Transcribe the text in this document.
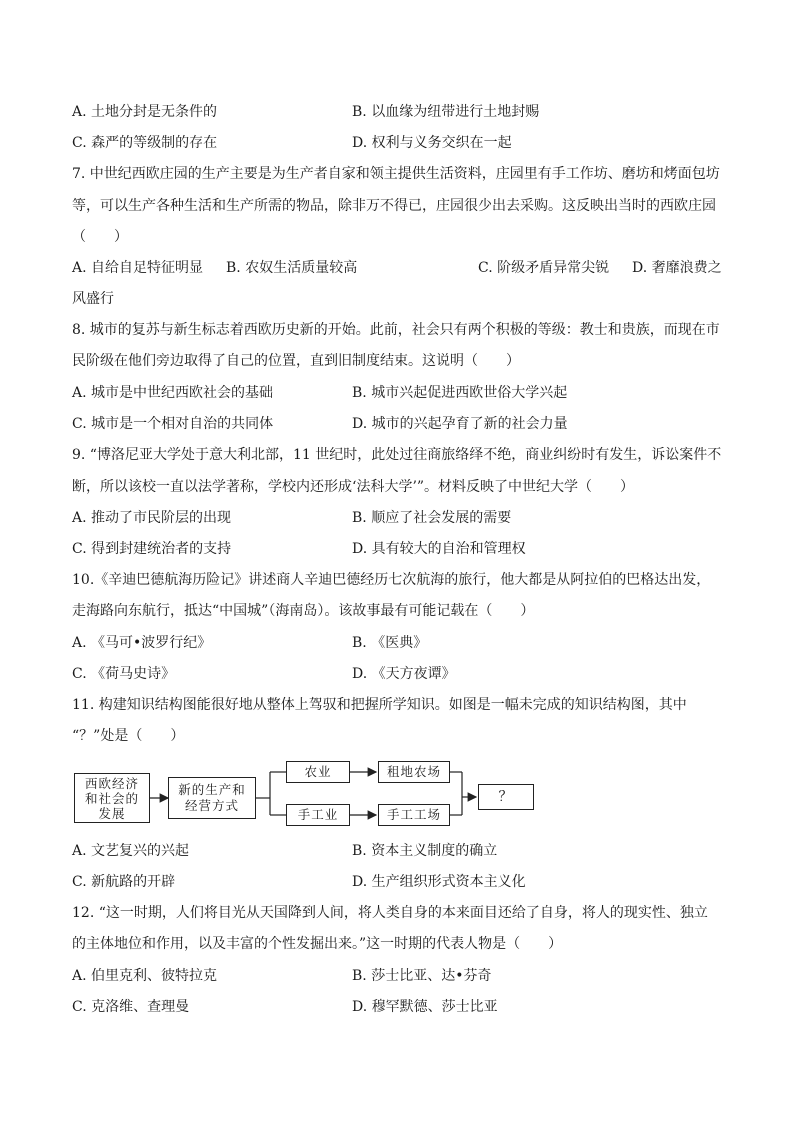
A. 土地分封是无条件的	B. 以血缘为纽带进行土地封赐
C. 森严的等级制的存在	D. 权利与义务交织在一起
7. 中世纪西欧庄园的生产主要是为生产者自家和领主提供生活资料，庄园里有手工作坊、磨坊和烤面包坊
等，可以生产各种生活和生产所需的物品，除非万不得已，庄园很少出去采购。这反映出当时的西欧庄园
（　　）
A. 自给自足特征明显 B. 农奴生活质量较高	C. 阶级矛盾异常尖锐 D. 奢靡浪费之
风盛行
8. 城市的复苏与新生标志着西欧历史新的开始。此前，社会只有两个积极的等级：教士和贵族，而现在市
民阶级在他们旁边取得了自己的位置，直到旧制度结束。这说明（　　）
A. 城市是中世纪西欧社会的基础	B. 城市兴起促进西欧世俗大学兴起
C. 城市是一个相对自治的共同体	D. 城市的兴起孕育了新的社会力量
9. “博洛尼亚大学处于意大利北部，11 世纪时，此处过往商旅络绎不绝，商业纠纷时有发生，诉讼案件不
断，所以该校一直以法学著称，学校内还形成‘法科大学’”。材料反映了中世纪大学（　　）
A. 推动了市民阶层的出现	B. 顺应了社会发展的需要
C. 得到封建统治者的支持	D. 具有较大的自治和管理权
10.《辛迪巴德航海历险记》讲述商人辛迪巴德经历七次航海的旅行，他大都是从阿拉伯的巴格达出发，
走海路向东航行，抵达“中国城”（海南岛）。该故事最有可能记载在（　　）
A. 《马可•波罗行纪》	B. 《医典》
C. 《荷马史诗》	D. 《天方夜谭》
11. 构建知识结构图能很好地从整体上驾驭和把握所学知识。如图是一幅未完成的知识结构图，其中
“？”处是（　　）
西欧经济
和社会的
发展
新的生产和
经营方式
农业
手工业
租地农场
手工工场
？
A. 文艺复兴的兴起	B. 资本主义制度的确立
C. 新航路的开辟	D. 生产组织形式资本主义化
12. “这一时期，人们将目光从天国降到人间，将人类自身的本来面目还给了自身，将人的现实性、独立
的主体地位和作用，以及丰富的个性发掘出来。”这一时期的代表人物是（　　）
A. 伯里克利、彼特拉克	B. 莎士比亚、达•芬奇
C. 克洛维、查理曼	D. 穆罕默德、莎士比亚
